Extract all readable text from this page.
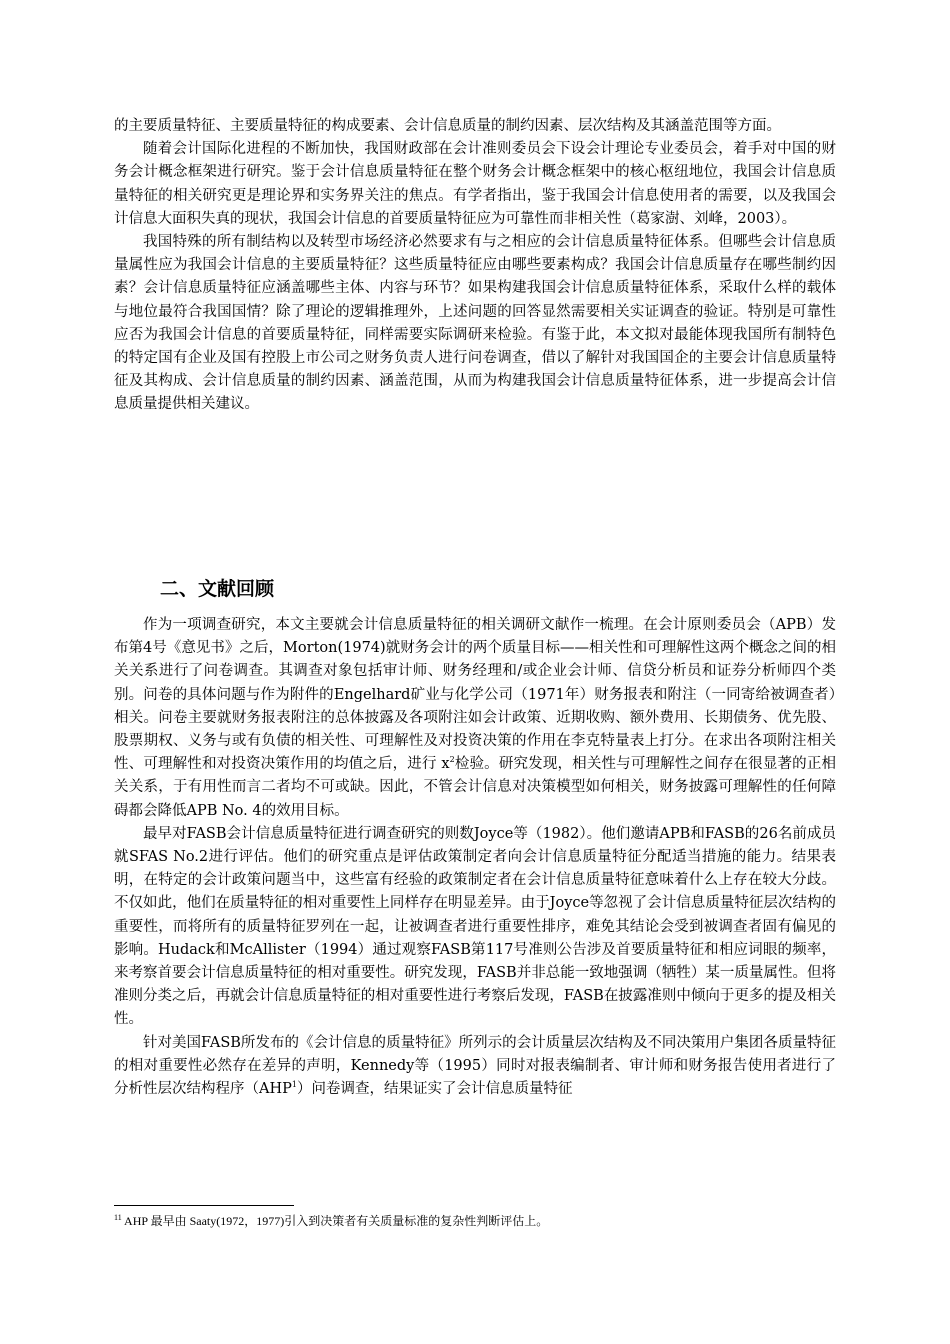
的主要质量特征、主要质量特征的构成要素、会计信息质量的制约因素、层次结构及其涵盖范围等方面。

随着会计国际化进程的不断加快，我国财政部在会计准则委员会下设会计理论专业委员会，着手对中国的财务会计概念框架进行研究。鉴于会计信息质量特征在整个财务会计概念框架中的核心枢纽地位，我国会计信息质量特征的相关研究更是理论界和实务界关注的焦点。有学者指出，鉴于我国会计信息使用者的需要，以及我国会计信息大面积失真的现状，我国会计信息的首要质量特征应为可靠性而非相关性（葛家澍、刘峰，2003）。

我国特殊的所有制结构以及转型市场经济必然要求有与之相应的会计信息质量特征体系。但哪些会计信息质量属性应为我国会计信息的主要质量特征？这些质量特征应由哪些要素构成？我国会计信息质量存在哪些制约因素？会计信息质量特征应涵盖哪些主体、内容与环节？如果构建我国会计信息质量特征体系，采取什么样的载体与地位最符合我国国情？除了理论的逻辑推理外，上述问题的回答显然需要相关实证调查的验证。特别是可靠性应否为我国会计信息的首要质量特征，同样需要实际调研来检验。有鉴于此，本文拟对最能体现我国所有制特色的特定国有企业及国有控股上市公司之财务负责人进行问卷调查，借以了解针对我国国企的主要会计信息质量特征及其构成、会计信息质量的制约因素、涵盖范围，从而为构建我国会计信息质量特征体系，进一步提高会计信息质量提供相关建议。

二、文献回顾

作为一项调查研究，本文主要就会计信息质量特征的相关调研文献作一梳理。在会计原则委员会（APB）发布第4号《意见书》之后，Morton(1974)就财务会计的两个质量目标——相关性和可理解性这两个概念之间的相关关系进行了问卷调查。其调查对象包括审计师、财务经理和/或企业会计师、信贷分析员和证券分析师四个类别。问卷的具体问题与作为附件的Engelhard矿业与化学公司（1971年）财务报表和附注（一同寄给被调查者）相关。问卷主要就财务报表附注的总体披露及各项附注如会计政策、近期收购、额外费用、长期债务、优先股、股票期权、义务与或有负债的相关性、可理解性及对投资决策的作用在李克特量表上打分。在求出各项附注相关性、可理解性和对投资决策作用的均值之后，进行 $x^2$检验。研究发现，相关性与可理解性之间存在很显著的正相关关系，于有用性而言二者均不可或缺。因此，不管会计信息对决策模型如何相关，财务披露可理解性的任何障碍都会降低APB No. 4的效用目标。

最早对FASB会计信息质量特征进行调查研究的则数Joyce等（1982）。他们邀请APB和FASB的26名前成员就SFAS No.2进行评估。他们的研究重点是评估政策制定者向会计信息质量特征分配适当措施的能力。结果表明，在特定的会计政策问题当中，这些富有经验的政策制定者在会计信息质量特征意味着什么上存在较大分歧。不仅如此，他们在质量特征的相对重要性上同样存在明显差异。由于Joyce等忽视了会计信息质量特征层次结构的重要性，而将所有的质量特征罗列在一起，让被调查者进行重要性排序，难免其结论会受到被调查者固有偏见的影响。Hudack和McAllister（1994）通过观察FASB第117号准则公告涉及首要质量特征和相应词眼的频率，来考察首要会计信息质量特征的相对重要性。研究发现，FASB并非总能一致地强调（牺牲）某一质量属性。但将准则分类之后，再就会计信息质量特征的相对重要性进行考察后发现，FASB在披露准则中倾向于更多的提及相关性。

针对美国FASB所发布的《会计信息的质量特征》所列示的会计质量层次结构及不同决策用户集团各质量特征的相对重要性必然存在差异的声明，Kennedy等（1995）同时对报表编制者、审计师和财务报告使用者进行了分析性层次结构程序（AHP$^1$）问卷调查，结果证实了会计信息质量特征

$^{11}$ AHP 最早由 Saaty(1972，1977)引入到决策者有关质量标准的复杂性判断评估上。
